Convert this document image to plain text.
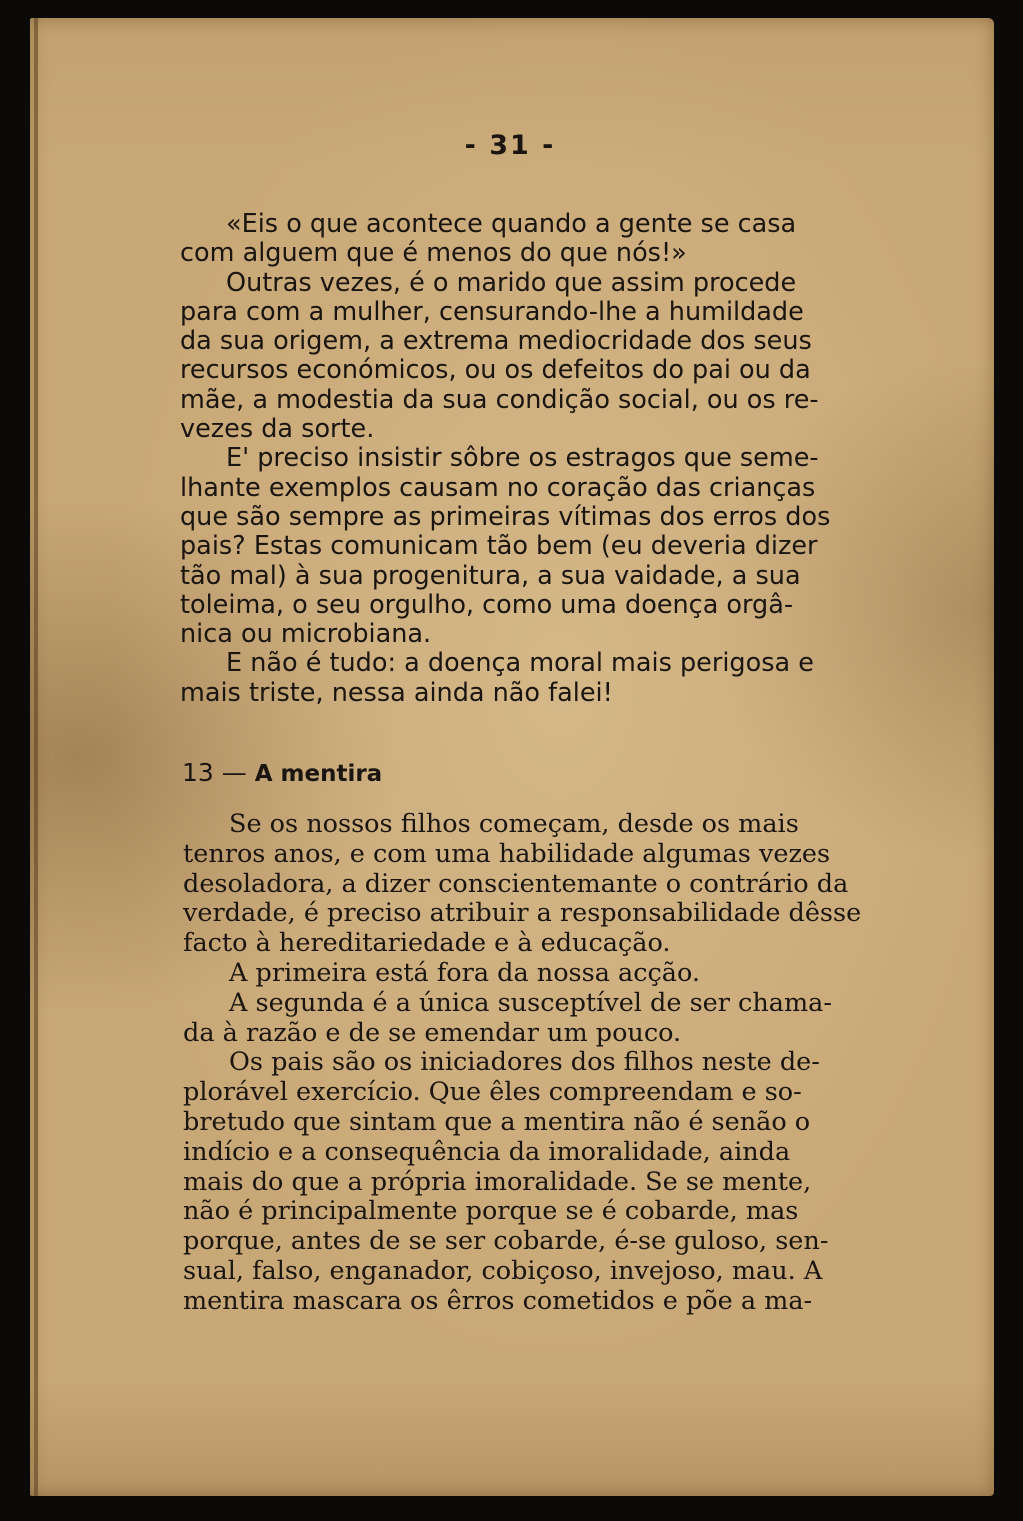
- 31 -
«Eis o que acontece quando a gente se casa
com alguem que é menos do que nós!»
Outras vezes, é o marido que assim procede
para com a mulher, censurando-lhe a humildade
da sua origem, a extrema mediocridade dos seus
recursos económicos, ou os defeitos do pai ou da
mãe, a modestia da sua condição social, ou os re-
vezes da sorte.
E' preciso insistir sôbre os estragos que seme-
lhante exemplos causam no coração das crianças
que são sempre as primeiras vítimas dos erros dos
pais? Estas comunicam tão bem (eu deveria dizer
tão mal) à sua progenitura, a sua vaidade, a sua
toleima, o seu orgulho, como uma doença orgâ-
nica ou microbiana.
E não é tudo: a doença moral mais perigosa e
mais triste, nessa ainda não falei!
13 — A mentira
Se os nossos filhos começam, desde os mais
tenros anos, e com uma habilidade algumas vezes
desoladora, a dizer conscientemante o contrário da
verdade, é preciso atribuir a responsabilidade dêsse
facto à hereditariedade e à educação.
A primeira está fora da nossa acção.
A segunda é a única susceptível de ser chama-
da à razão e de se emendar um pouco.
Os pais são os iniciadores dos filhos neste de-
plorável exercício. Que êles compreendam e so-
bretudo que sintam que a mentira não é senão o
indício e a consequência da imoralidade, ainda
mais do que a própria imoralidade. Se se mente,
não é principalmente porque se é cobarde, mas
porque, antes de se ser cobarde, é-se guloso, sen-
sual, falso, enganador, cobiçoso, invejoso, mau. A
mentira mascara os êrros cometidos e põe a ma-
